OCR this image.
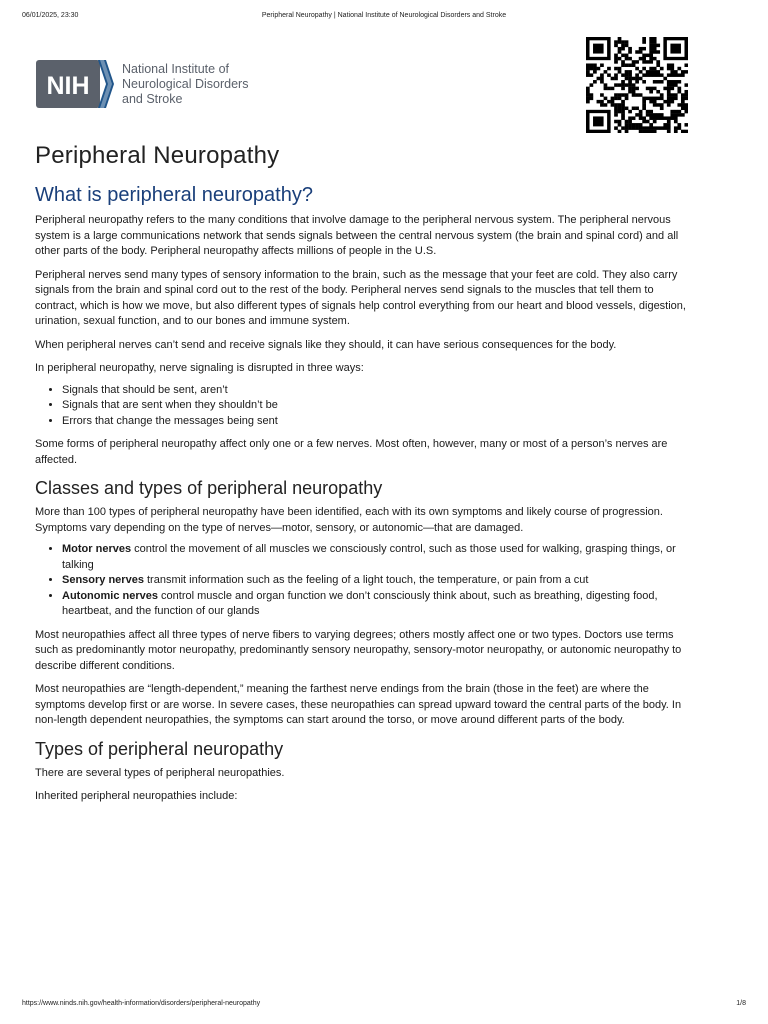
06/01/2025, 23:30	Peripheral Neuropathy | National Institute of Neurological Disorders and Stroke
NIH
National Institute of
Neurological Disorders
and Stroke
Peripheral Neuropathy
What is peripheral neuropathy?

Peripheral neuropathy refers to the many conditions that involve damage to the peripheral nervous system. The peripheral nervous system is a large communications network that sends signals between the central nervous system (the brain and spinal cord) and all other parts of the body. Peripheral neuropathy affects millions of people in the U.S.

Peripheral nerves send many types of sensory information to the brain, such as the message that your feet are cold. They also carry signals from the brain and spinal cord out to the rest of the body. Peripheral nerves send signals to the muscles that tell them to contract, which is how we move, but also different types of signals help control everything from our heart and blood vessels, digestion, urination, sexual function, and to our bones and immune system.

When peripheral nerves can’t send and receive signals like they should, it can have serious consequences for the body.

In peripheral neuropathy, nerve signaling is disrupted in three ways:

• Signals that should be sent, aren’t
• Signals that are sent when they shouldn’t be
• Errors that change the messages being sent

Some forms of peripheral neuropathy affect only one or a few nerves. Most often, however, many or most of a person’s nerves are affected.

Classes and types of peripheral neuropathy

More than 100 types of peripheral neuropathy have been identified, each with its own symptoms and likely course of progression. Symptoms vary depending on the type of nerves—motor, sensory, or autonomic—that are damaged.

• Motor nerves control the movement of all muscles we consciously control, such as those used for walking, grasping things, or talking
• Sensory nerves transmit information such as the feeling of a light touch, the temperature, or pain from a cut
• Autonomic nerves control muscle and organ function we don’t consciously think about, such as breathing, digesting food, heartbeat, and the function of our glands

Most neuropathies affect all three types of nerve fibers to varying degrees; others mostly affect one or two types. Doctors use terms such as predominantly motor neuropathy, predominantly sensory neuropathy, sensory-motor neuropathy, or autonomic neuropathy to describe different conditions.

Most neuropathies are “length-dependent,” meaning the farthest nerve endings from the brain (those in the feet) are where the symptoms develop first or are worse. In severe cases, these neuropathies can spread upward toward the central parts of the body. In non-length dependent neuropathies, the symptoms can start around the torso, or move around different parts of the body.

Types of peripheral neuropathy

There are several types of peripheral neuropathies.

Inherited peripheral neuropathies include:

https://www.ninds.nih.gov/health-information/disorders/peripheral-neuropathy	1/8
